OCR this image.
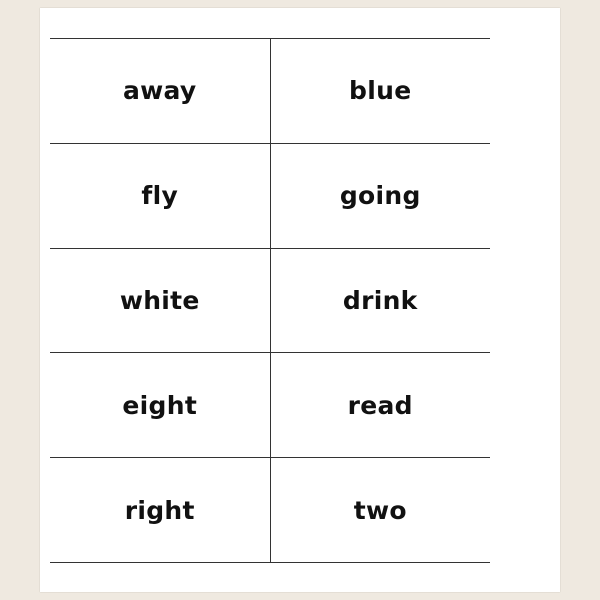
away	blue
fly	going
white	drink
eight	read
right	two
